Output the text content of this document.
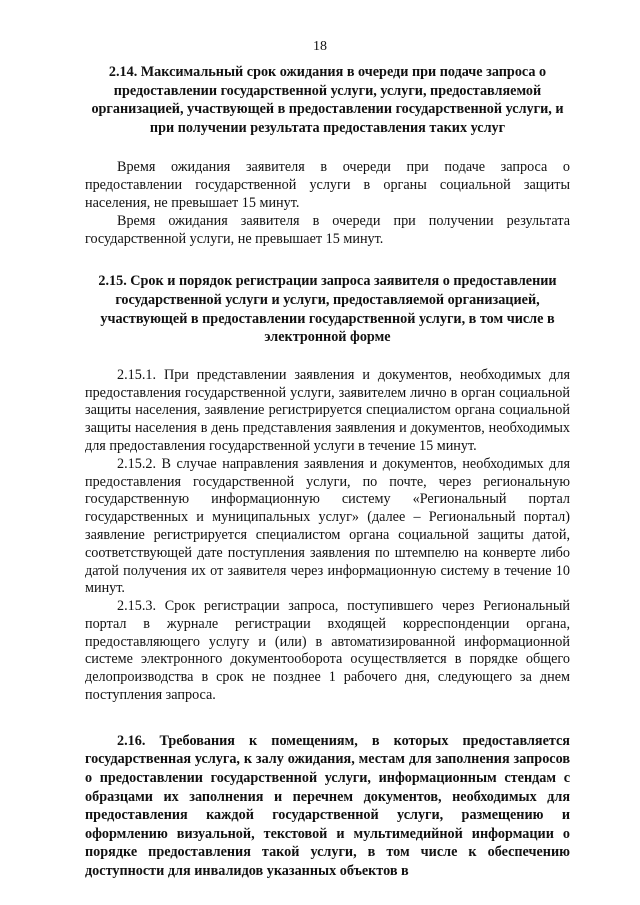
18
2.14. Максимальный срок ожидания в очереди при подаче запроса о предоставлении государственной услуги, услуги, предоставляемой организацией, участвующей в предоставлении государственной услуги, и при получении результата предоставления таких услуг

Время ожидания заявителя в очереди при подаче запроса о предоставлении государственной услуги в органы социальной защиты населения, не превышает 15 минут.

Время ожидания заявителя в очереди при получении результата государственной услуги, не превышает 15 минут.

2.15. Срок и порядок регистрации запроса заявителя о предоставлении государственной услуги и услуги, предоставляемой организацией, участвующей в предоставлении государственной услуги, в том числе в электронной форме

2.15.1. При представлении заявления и документов, необходимых для предоставления государственной услуги, заявителем лично в орган социальной защиты населения, заявление регистрируется специалистом органа социальной защиты населения в день представления заявления и документов, необходимых для предоставления государственной услуги в течение 15 минут.

2.15.2. В случае направления заявления и документов, необходимых для предоставления государственной услуги, по почте, через региональную государственную информационную систему «Региональный портал государственных и муниципальных услуг» (далее – Региональный портал) заявление регистрируется специалистом органа социальной защиты датой, соответствующей дате поступления заявления по штемпелю на конверте либо датой получения их от заявителя через информационную систему в течение 10 минут.

2.15.3. Срок регистрации запроса, поступившего через Региональный портал в журнале регистрации входящей корреспонденции органа, предоставляющего услугу и (или) в автоматизированной информационной системе электронного документооборота осуществляется в порядке общего делопроизводства в срок не позднее 1 рабочего дня, следующего за днем поступления запроса.

2.16. Требования к помещениям, в которых предоставляется государственная услуга, к залу ожидания, местам для заполнения запросов о предоставлении государственной услуги, информационным стендам с образцами их заполнения и перечнем документов, необходимых для предоставления каждой государственной услуги, размещению и оформлению визуальной, текстовой и мультимедийной информации о порядке предоставления такой услуги, в том числе к обеспечению доступности для инвалидов указанных объектов в
